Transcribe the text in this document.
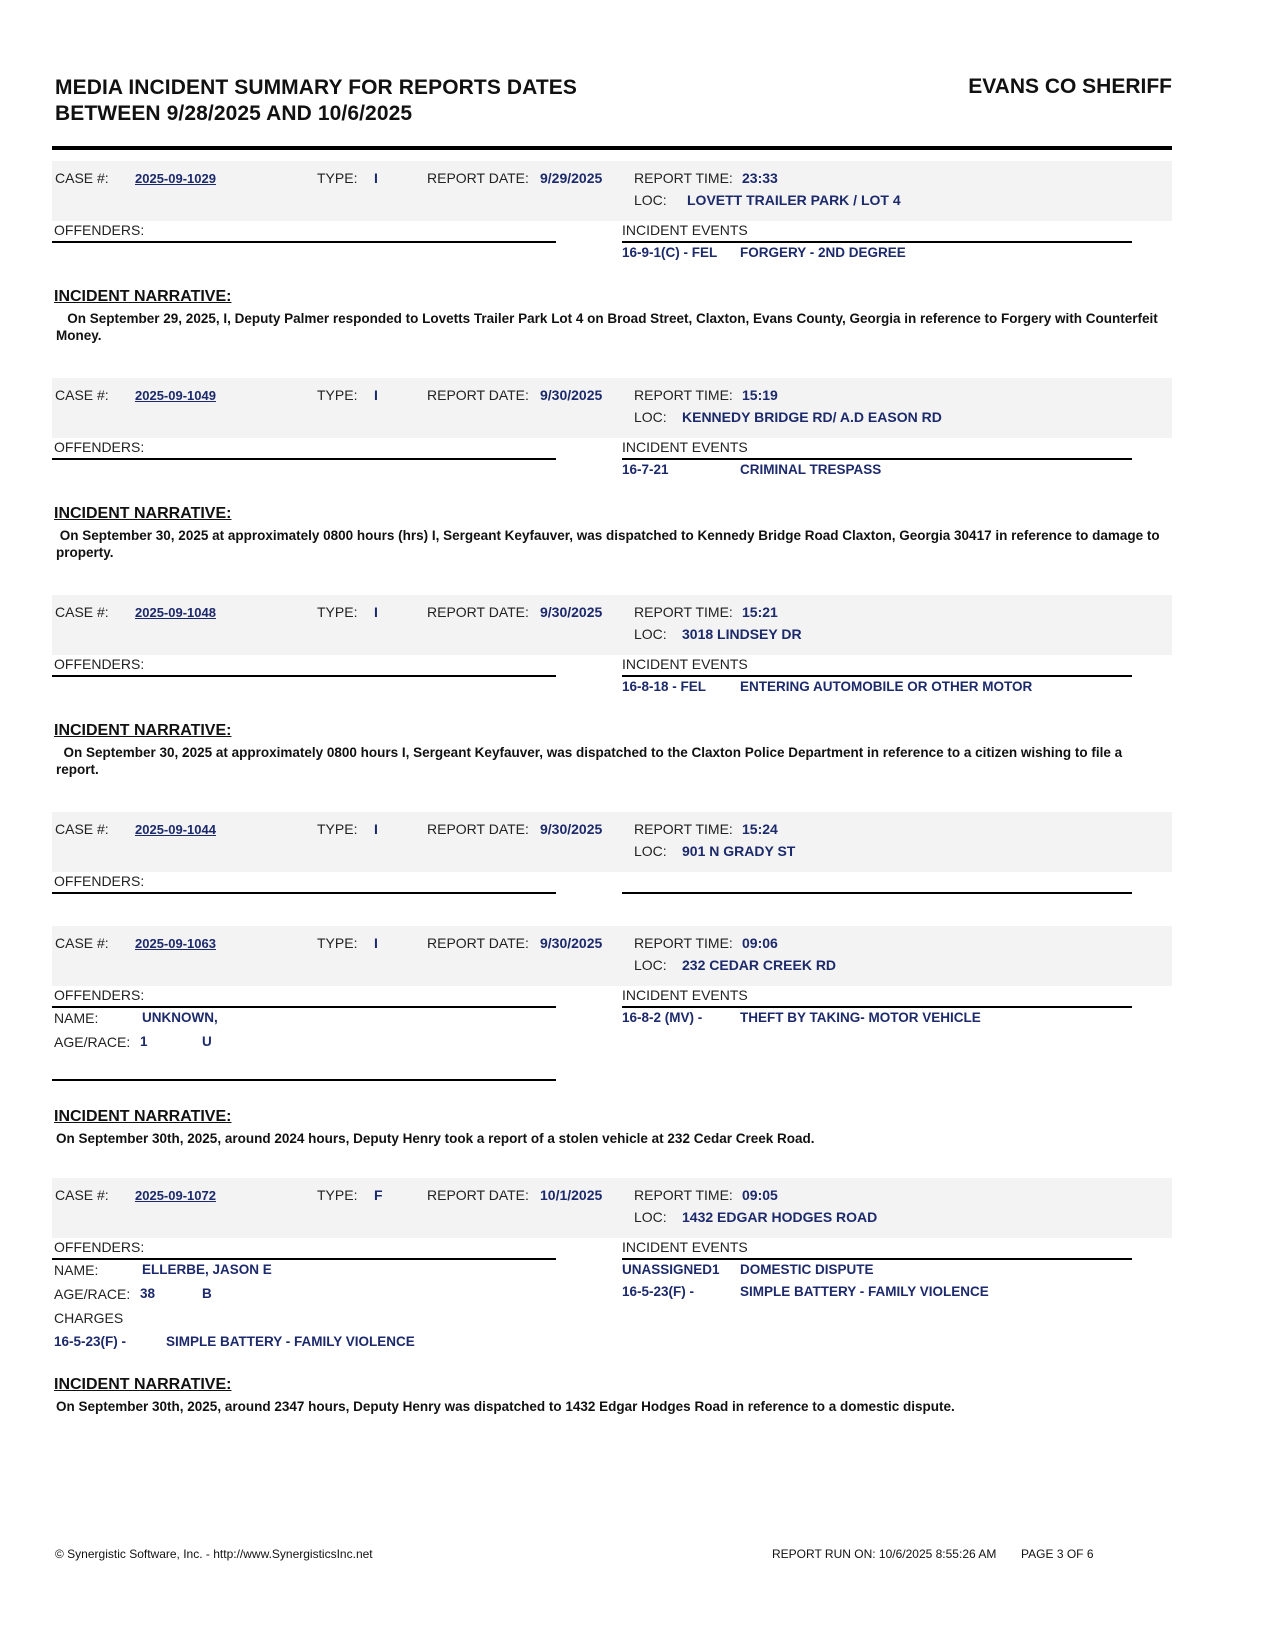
MEDIA INCIDENT SUMMARY FOR REPORTS DATES
BETWEEN 9/28/2025 AND 10/6/2025
EVANS CO SHERIFF
CASE #: 2025-09-1029	TYPE: I	REPORT DATE: 9/29/2025 REPORT TIME: 23:33
LOC: LOVETT TRAILER PARK / LOT 4
OFFENDERS:	INCIDENT EVENTS
16-9-1(C) - FEL FORGERY - 2ND DEGREE
INCIDENT NARRATIVE:
On September 29, 2025, I, Deputy Palmer responded to Lovetts Trailer Park Lot 4 on Broad Street, Claxton, Evans County, Georgia in reference to Forgery with Counterfeit Money.
CASE #: 2025-09-1049	TYPE: I	REPORT DATE: 9/30/2025 REPORT TIME: 15:19
LOC: KENNEDY BRIDGE RD/ A.D EASON RD
OFFENDERS:	INCIDENT EVENTS
16-7-21	CRIMINAL TRESPASS
INCIDENT NARRATIVE:
On September 30, 2025 at approximately 0800 hours (hrs) I, Sergeant Keyfauver, was dispatched to Kennedy Bridge Road Claxton, Georgia 30417 in reference to damage to property.
CASE #: 2025-09-1048	TYPE: I	REPORT DATE: 9/30/2025 REPORT TIME: 15:21
LOC: 3018 LINDSEY DR
OFFENDERS:	INCIDENT EVENTS
16-8-18 - FEL	ENTERING AUTOMOBILE OR OTHER MOTOR
INCIDENT NARRATIVE:
On September 30, 2025 at approximately 0800 hours I, Sergeant Keyfauver, was dispatched to the Claxton Police Department in reference to a citizen wishing to file a report.
CASE #: 2025-09-1044	TYPE: I	REPORT DATE: 9/30/2025 REPORT TIME: 15:24
LOC: 901 N GRADY ST
OFFENDERS:
CASE #: 2025-09-1063	TYPE: I	REPORT DATE: 9/30/2025 REPORT TIME: 09:06
LOC: 232 CEDAR CREEK RD
OFFENDERS:
NAME:	UNKNOWN,
AGE/RACE: 1	U
INCIDENT EVENTS
16-8-2 (MV) -	THEFT BY TAKING- MOTOR VEHICLE
INCIDENT NARRATIVE:
On September 30th, 2025, around 2024 hours, Deputy Henry took a report of a stolen vehicle at 232 Cedar Creek Road.
CASE #: 2025-09-1072	TYPE: F	REPORT DATE: 10/1/2025 REPORT TIME: 09:05
LOC: 1432 EDGAR HODGES ROAD
OFFENDERS:
NAME:	ELLERBE, JASON E
AGE/RACE: 38	B
CHARGES
16-5-23(F) -	SIMPLE BATTERY - FAMILY VIOLENCE
INCIDENT EVENTS
UNASSIGNED1 DOMESTIC DISPUTE
16-5-23(F) -	SIMPLE BATTERY - FAMILY VIOLENCE
INCIDENT NARRATIVE:
On September 30th, 2025, around 2347 hours, Deputy Henry was dispatched to 1432 Edgar Hodges Road in reference to a domestic dispute.
© Synergistic Software, Inc. - http://www.SynergisticsInc.net	REPORT RUN ON: 10/6/2025 8:55:26 AM PAGE 3 OF 6
